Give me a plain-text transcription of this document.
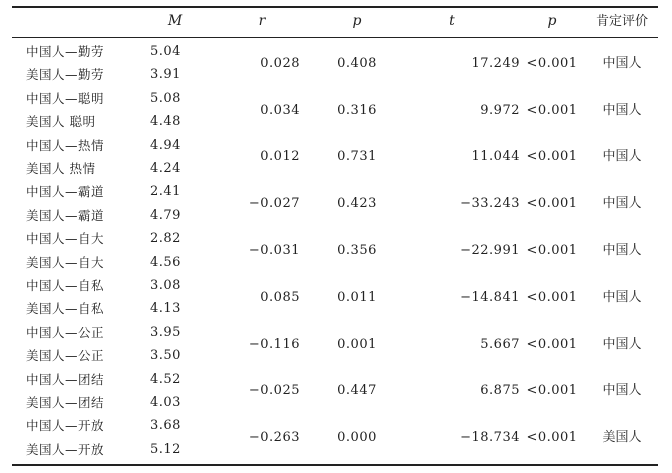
M	r	p	t	p	肯定评价
中国人—勤劳	5.04
美国人—勤劳	3.91
0.028	0.408	17.249 <0.001	中国人
中国人—聪明	5.08
美国人 聪明	4.48
0.034	0.316	9.972 <0.001	中国人
中国人—热情	4.94
美国人 热情	4.24
0.012	0.731	11.044 <0.001	中国人
中国人—霸道	2.41
美国人—霸道	4.79
−0.027	0.423	−33.243 <0.001	中国人
中国人—自大	2.82
美国人—自大	4.56
−0.031	0.356	−22.991 <0.001	中国人
中国人—自私	3.08
美国人—自私	4.13
0.085	0.011	−14.841 <0.001	中国人
中国人—公正	3.95
美国人—公正	3.50
−0.116	0.001	5.667 <0.001	中国人
中国人—团结	4.52
美国人—团结	4.03
−0.025	0.447	6.875 <0.001	中国人
中国人—开放	3.68
美国人—开放	5.12
−0.263	0.000	−18.734 <0.001	美国人
